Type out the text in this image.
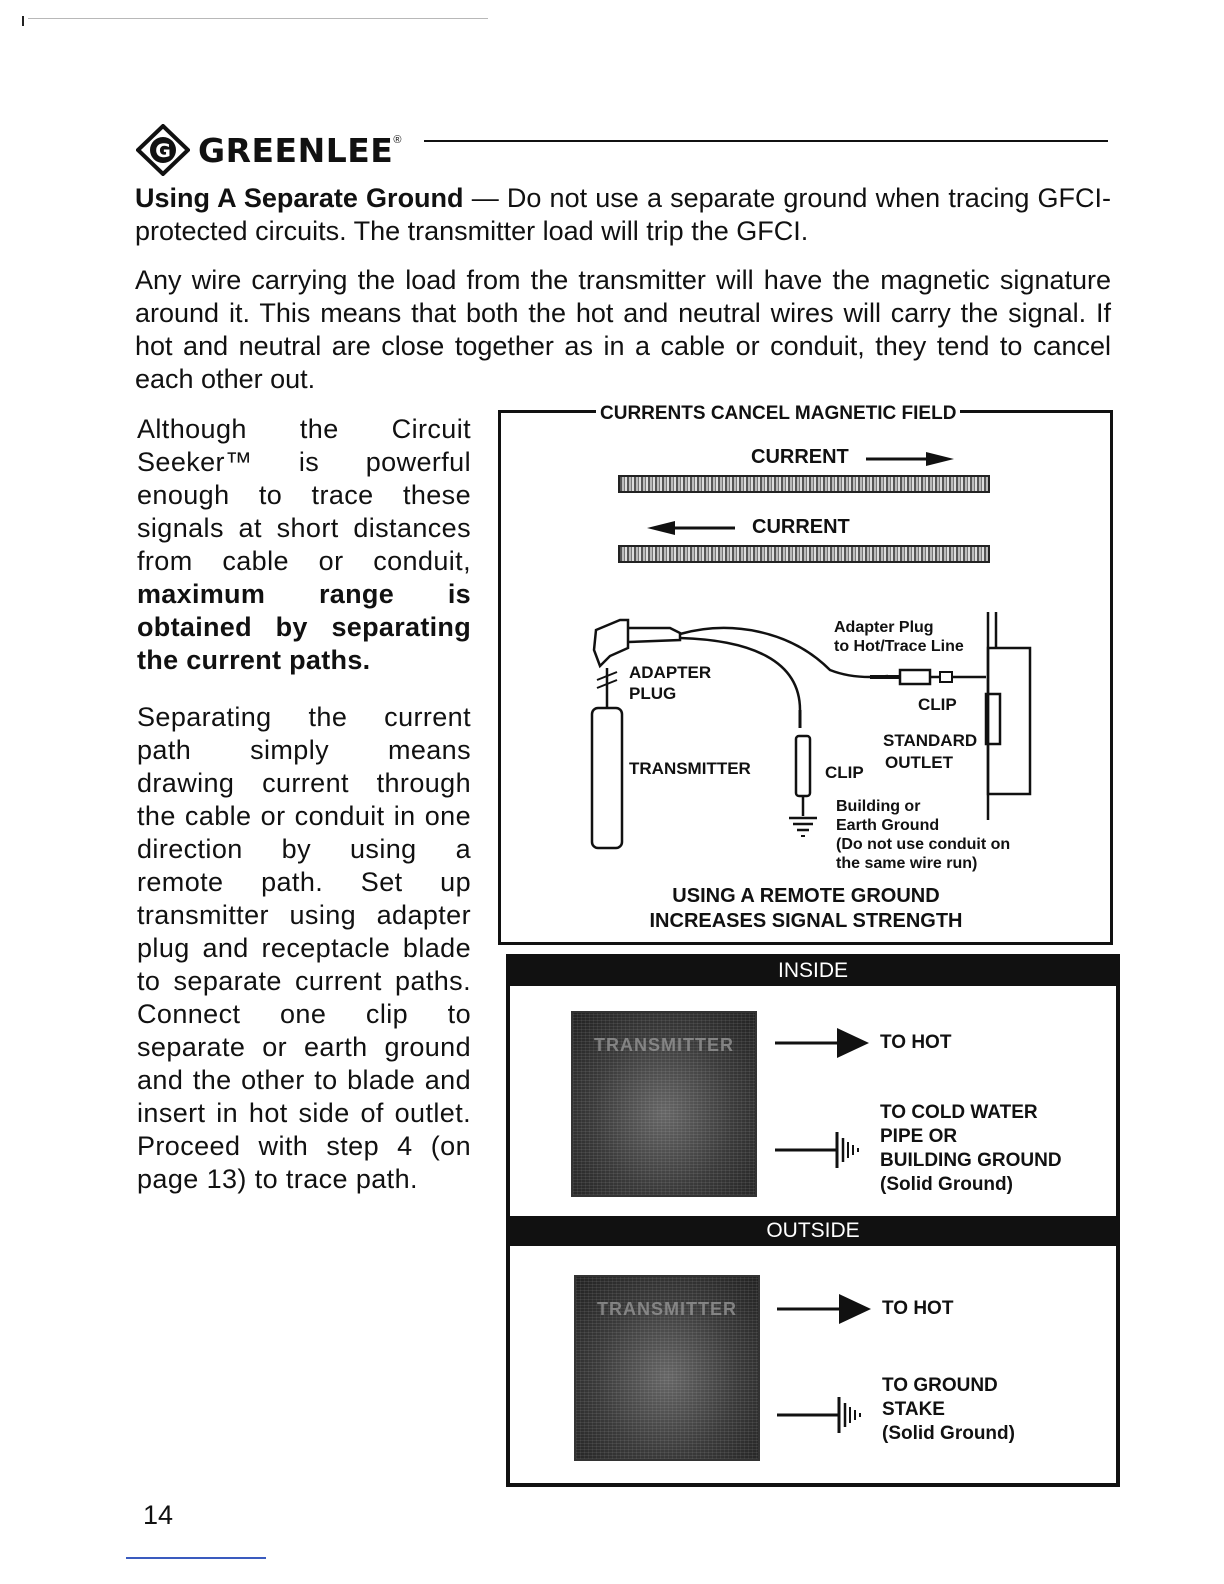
G GREENLEE ®
Using A Separate Ground — Do not use a separate ground when tracing GFCI-protected circuits. The transmitter load will trip the GFCI.
Any wire carrying the load from the transmitter will have the magnetic signature around it. This means that both the hot and neutral wires will carry the signal. If hot and neutral are close together as in a cable or conduit, they tend to cancel each other out.

Although the Circuit Seeker™ is powerful enough to trace these signals at short distances from cable or conduit, maximum range is obtained by separating the current paths.

Separating the current path simply means drawing current through the cable or conduit in one direction by using a remote path. Set up transmitter using adapter plug and receptacle blade to separate current paths. Connect one clip to separate or earth ground and the other to blade and insert in hot side of outlet. Proceed with step 4 (on page 13) to trace path.

CURRENTS CANCEL MAGNETIC FIELD
CURRENT
CURRENT
Adapter Plug
to Hot/Trace Line
ADAPTER
PLUG
CLIP
STANDARD
OUTLET
TRANSMITTER	CLIP
Building or
Earth Ground
(Do not use conduit on
the same wire run)
USING A REMOTE GROUND
INCREASES SIGNAL STRENGTH
INSIDE
OUTSIDE
TRANSMITTER	TO HOT
TO COLD WATER
PIPE OR
BUILDING GROUND
(Solid Ground)
TRANSMITTER	TO HOT
TO GROUND
STAKE
(Solid Ground)
14
